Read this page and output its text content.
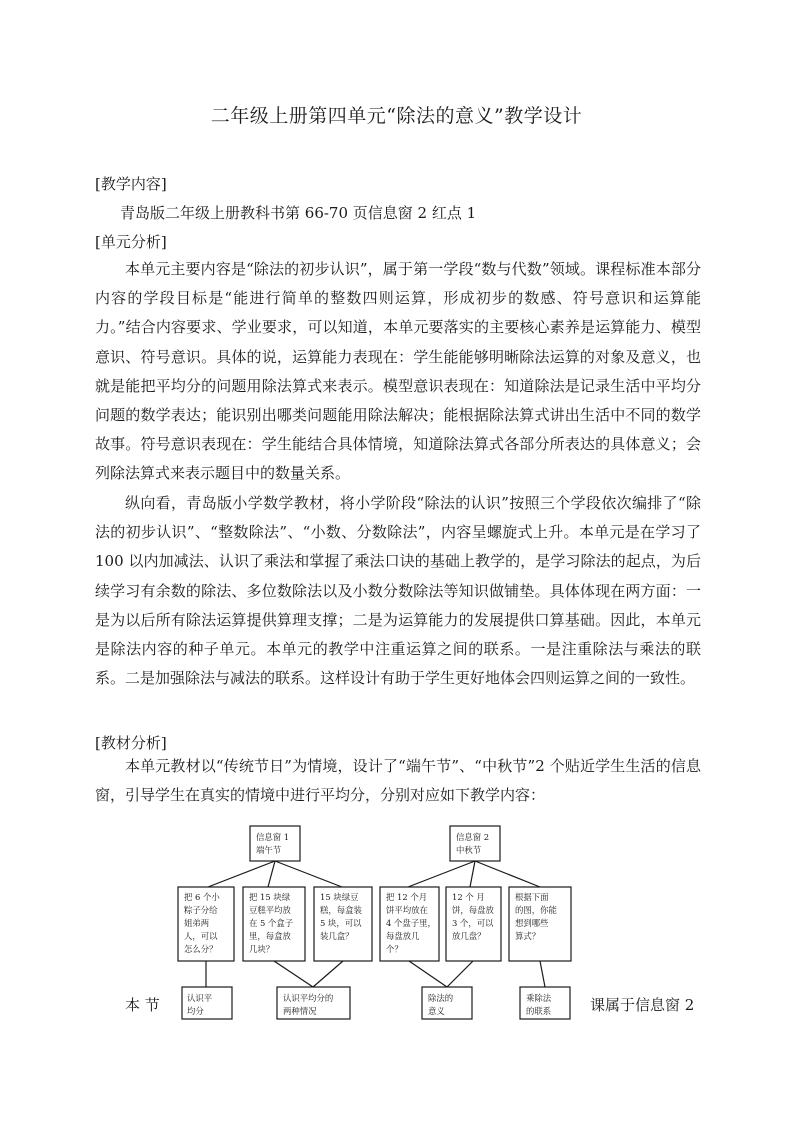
二年级上册第四单元“除法的意义”教学设计
[教学内容]
青岛版二年级上册教科书第 66-70 页信息窗 2 红点 1
[单元分析]

本单元主要内容是“除法的初步认识”，属于第一学段“数与代数”领域。课程标准本部分内容的学段目标是“能进行简单的整数四则运算，形成初步的数感、符号意识和运算能力。”结合内容要求、学业要求，可以知道，本单元要落实的主要核心素养是运算能力、模型意识、符号意识。具体的说，运算能力表现在：学生能能够明晰除法运算的对象及意义，也就是能把平均分的问题用除法算式来表示。模型意识表现在：知道除法是记录生活中平均分问题的数学表达；能识别出哪类问题能用除法解决；能根据除法算式讲出生活中不同的数学故事。符号意识表现在：学生能结合具体情境，知道除法算式各部分所表达的具体意义；会列除法算式来表示题目中的数量关系。

纵向看，青岛版小学数学教材，将小学阶段“除法的认识”按照三个学段依次编排了“除法的初步认识”、“整数除法”、“小数、分数除法”，内容呈螺旋式上升。本单元是在学习了 100 以内加减法、认识了乘法和掌握了乘法口诀的基础上教学的，是学习除法的起点，为后续学习有余数的除法、多位数除法以及小数分数除法等知识做铺垫。具体体现在两方面：一是为以后所有除法运算提供算理支撑；二是为运算能力的发展提供口算基础。因此，本单元是除法内容的种子单元。本单元的教学中注重运算之间的联系。一是注重除法与乘法的联系。二是加强除法与减法的联系。这样设计有助于学生更好地体会四则运算之间的一致性。

[教材分析]

本单元教材以“传统节日”为情境，设计了“端午节”、“中秋节”2 个贴近学生生活的信息窗，引导学生在真实的情境中进行平均分，分别对应如下教学内容：

信息窗 1
端午节
信息窗 2
中秋节
把 6 个小
粽子分给
姐弟两
人，可以
怎么分？
把 15 块绿
豆糕平均放
在 5 个盒子
里，每盒放
几块？
15 块绿豆
糕，每盒装
5 块，可以
装几盒？
把 12 个月
饼平均放在
4 个盘子里，
每盘放几
个？
12 个 月
饼，每盘放
3 个，可以
放几盘？
根据下面
的图，你能
想到哪些
算式？
认识平
均分
认识平均分的
两种情况
除法的
意义
乘除法
的联系
本 节	课属于信息窗 2
